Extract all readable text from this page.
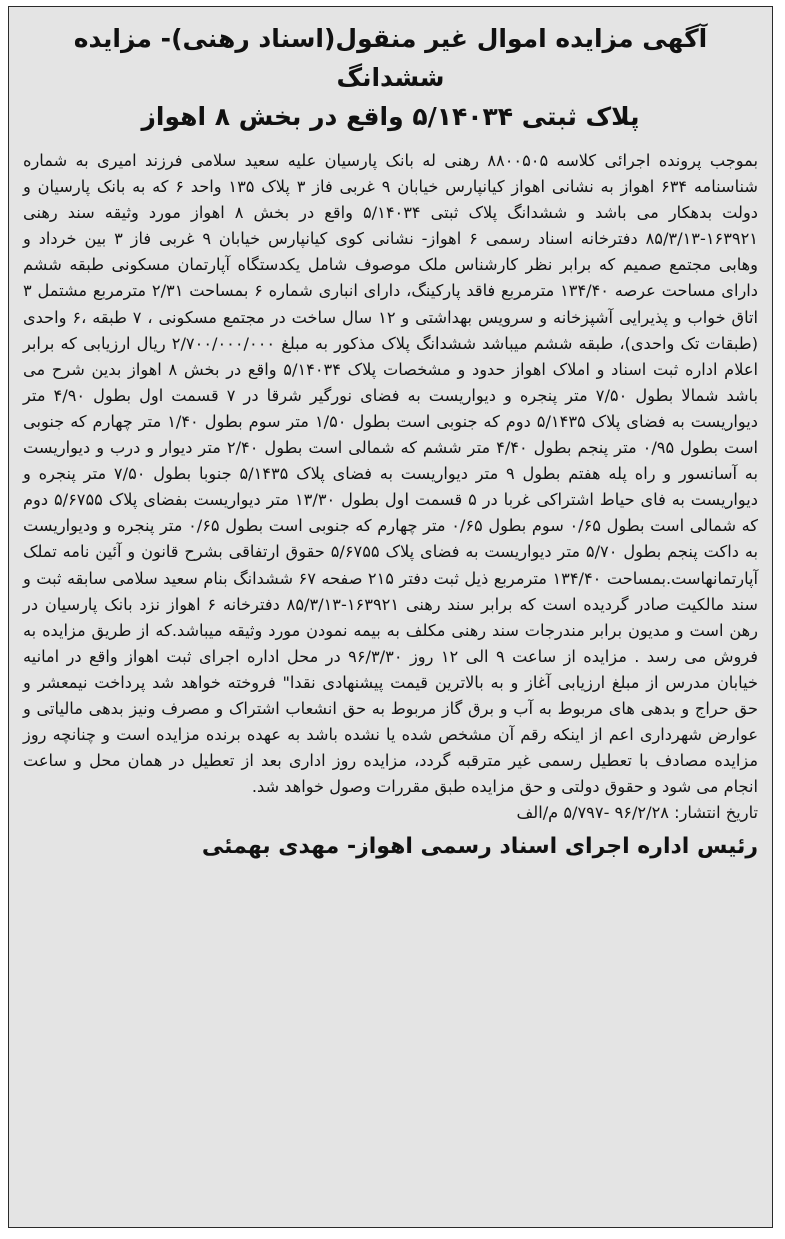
آگهی مزایده اموال غیر منقول(اسناد رهنی)- مزایده ششدانگ
پلاک ثبتی ۵/۱۴۰۳۴ واقع در بخش ۸ اهواز

بموجب پرونده اجرائی کلاسه ۸۸۰۰۵۰۵ رهنی له بانک پارسیان علیه سعید سلامی فرزند امیری به شماره شناسنامه ۶۳۴ اهواز به نشانی اهواز کیانپارس خیابان ۹ غربی فاز ۳ پلاک ۱۳۵ واحد ۶ که به بانک پارسیان و دولت بدهکار می باشد و ششدانگ پلاک ثبتی ۵/۱۴۰۳۴ واقع در بخش ۸ اهواز مورد وثیقه سند رهنی ۱۶۳۹۲۱-۸۵/۳/۱۳ دفترخانه اسناد رسمی ۶ اهواز- نشانی کوی کیانپارس خیابان ۹ غربی فاز ۳ بین خرداد و وهابی مجتمع صمیم که برابر نظر کارشناس ملک موصوف شامل یکدستگاه آپارتمان مسکونی طبقه ششم دارای مساحت عرصه ۱۳۴/۴۰ مترمربع فاقد پارکینگ، دارای انباری شماره ۶ بمساحت ۲/۳۱ مترمربع مشتمل ۳ اتاق خواب و پذیرایی آشپزخانه و سرویس بهداشتی و ۱۲ سال ساخت در مجتمع مسکونی ، ۷ طبقه ،۶ واحدی (طبقات تک واحدی)، طبقه ششم میباشد ششدانگ پلاک مذکور به مبلغ ۲/۷۰۰/۰۰۰/۰۰۰ ریال ارزیابی که برابر اعلام اداره ثبت اسناد و املاک اهواز حدود و مشخصات پلاک ۵/۱۴۰۳۴ واقع در بخش ۸ اهواز بدین شرح می باشد شمالا بطول ۷/۵۰ متر پنجره و دیواریست به فضای نورگیر شرقا در ۷ قسمت اول بطول ۴/۹۰ متر دیواریست به فضای پلاک ۵/۱۴۳۵ دوم که جنوبی است بطول ۱/۵۰ متر سوم بطول ۱/۴۰ متر چهارم که جنوبی است بطول ۰/۹۵ متر پنجم بطول ۴/۴۰ متر ششم که شمالی است بطول ۲/۴۰ متر دیوار و درب و دیواریست به آسانسور و راه پله هفتم بطول ۹ متر دیواریست به فضای پلاک ۵/۱۴۳۵ جنوبا بطول ۷/۵۰ متر پنجره و دیواریست به فای حیاط اشتراکی غربا در ۵ قسمت اول بطول ۱۳/۳۰ متر دیواریست بفضای پلاک ۵/۶۷۵۵ دوم که شمالی است بطول ۰/۶۵ سوم بطول ۰/۶۵ متر چهارم که جنوبی است بطول ۰/۶۵ متر پنجره و ودیواریست به داکت پنجم بطول ۵/۷۰ متر دیواریست به فضای پلاک ۵/۶۷۵۵ حقوق ارتفاقی بشرح قانون و آئین نامه تملک آپارتمانهاست.بمساحت ۱۳۴/۴۰ مترمربع ذیل ثبت دفتر ۲۱۵ صفحه ۶۷ ششدانگ بنام سعید سلامی سابقه ثبت و سند مالکیت صادر گردیده است که برابر سند رهنی ۱۶۳۹۲۱-۸۵/۳/۱۳ دفترخانه ۶ اهواز نزد بانک پارسیان در رهن است و مدیون برابر مندرجات سند رهنی مکلف به بیمه نمودن مورد وثیقه میباشد.که از طریق مزایده به فروش می رسد . مزایده از ساعت ۹ الی ۱۲ روز ۹۶/۳/۳۰ در محل اداره اجرای ثبت اهواز واقع در امانیه خیابان مدرس از مبلغ ارزیابی آغاز و به بالاترین قیمت پیشنهادی نقدا" فروخته خواهد شد پرداخت نیمعشر و حق حراج و بدهی های مربوط به آب و برق گاز مربوط به حق انشعاب اشتراک و مصرف ونیز بدهی مالیاتی و عوارض شهرداری اعم از اینکه رقم آن مشخص شده یا نشده باشد به عهده برنده مزایده است و چنانچه روز مزایده مصادف با تعطیل رسمی غیر مترقبه گردد، مزایده روز اداری بعد از تعطیل در همان محل و ساعت انجام می شود و حقوق دولتی و حق مزایده طبق مقررات وصول خواهد شد.

تاریخ انتشار: ۹۶/۲/۲۸ -۵/۷۹۷ م/الف

رئیس اداره اجرای اسناد رسمی اهواز- مهدی بهمئی
